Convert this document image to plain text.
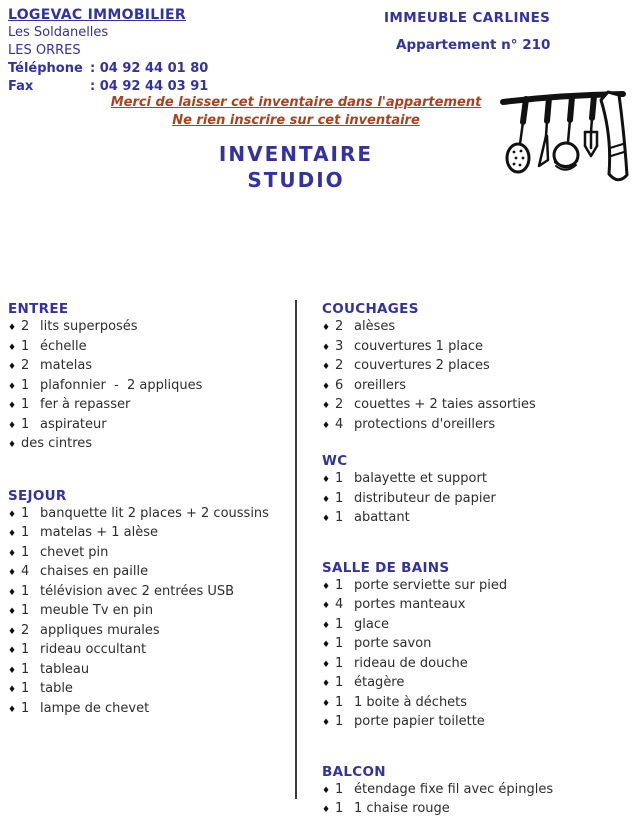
LOGEVAC IMMOBILIER
Les Soldanelles
LES ORRES
Téléphone : 04 92 44 01 80
Fax	: 04 92 44 03 91
IMMEUBLE CARLINES
Appartement n° 210
Merci de laisser cet inventaire dans l'appartement
Ne rien inscrire sur cet inventaire
INVENTAIRE
STUDIO
ENTREE
♦ 2 lits superposés
♦ 1 échelle
♦ 2 matelas
♦ 1 plafonnier  -  2 appliques
♦ 1 fer à repasser
♦ 1 aspirateur
♦ des cintres
SEJOUR
♦ 1 banquette lit 2 places + 2 coussins
♦ 1 matelas + 1 alèse
♦ 1 chevet pin
♦ 4 chaises en paille
♦ 1 télévision avec 2 entrées USB
♦ 1 meuble Tv en pin
♦ 2 appliques murales
♦ 1 rideau occultant
♦ 1 tableau
♦ 1 table
♦ 1 lampe de chevet
COUCHAGES
♦ 2 alèses
♦ 3 couvertures 1 place
♦ 2 couvertures 2 places
♦ 6 oreillers
♦ 2 couettes + 2 taies assorties
♦ 4 protections d'oreillers
WC
♦ 1 balayette et support
♦ 1 distributeur de papier
♦ 1 abattant
SALLE DE BAINS
♦ 1 porte serviette sur pied
♦ 4 portes manteaux
♦ 1 glace
♦ 1 porte savon
♦ 1 rideau de douche
♦ 1 étagère
♦ 1 1 boite à déchets
♦ 1 porte papier toilette
BALCON
♦ 1 étendage fixe fil avec épingles
♦ 1 1 chaise rouge
